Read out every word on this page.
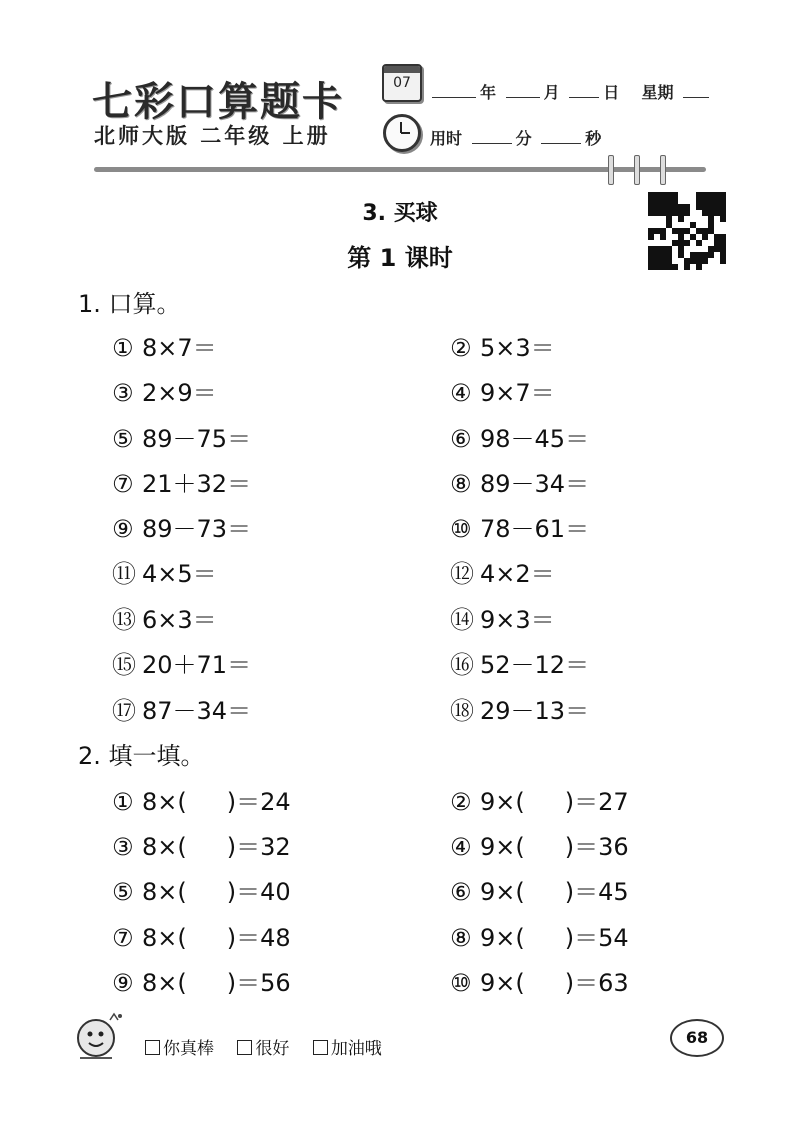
七彩口算题卡
北师大版 二年级 上册
07	年	月	日 星期
用时	分	秒
3. 买球
第 1 课时
1. 口算。
① 8×7＝	② 5×3＝
③ 2×9＝	④ 9×7＝
⑤ 89－75＝	⑥ 98－45＝
⑦ 21＋32＝	⑧ 89－34＝
⑨ 89－73＝	⑩ 78－61＝
⑪ 4×5＝	⑫ 4×2＝
⑬ 6×3＝	⑭ 9×3＝
⑮ 20＋71＝	⑯ 52－12＝
⑰ 87－34＝	⑱ 29－13＝
2. 填一填。
① 8×( )＝24	② 9×( )＝27
③ 8×( )＝32	④ 9×( )＝36
⑤ 8×( )＝40	⑥ 9×( )＝45
⑦ 8×( )＝48	⑧ 9×( )＝54
⑨ 8×( )＝56	⑩ 9×( )＝63
你真棒 很好 加油哦
68
